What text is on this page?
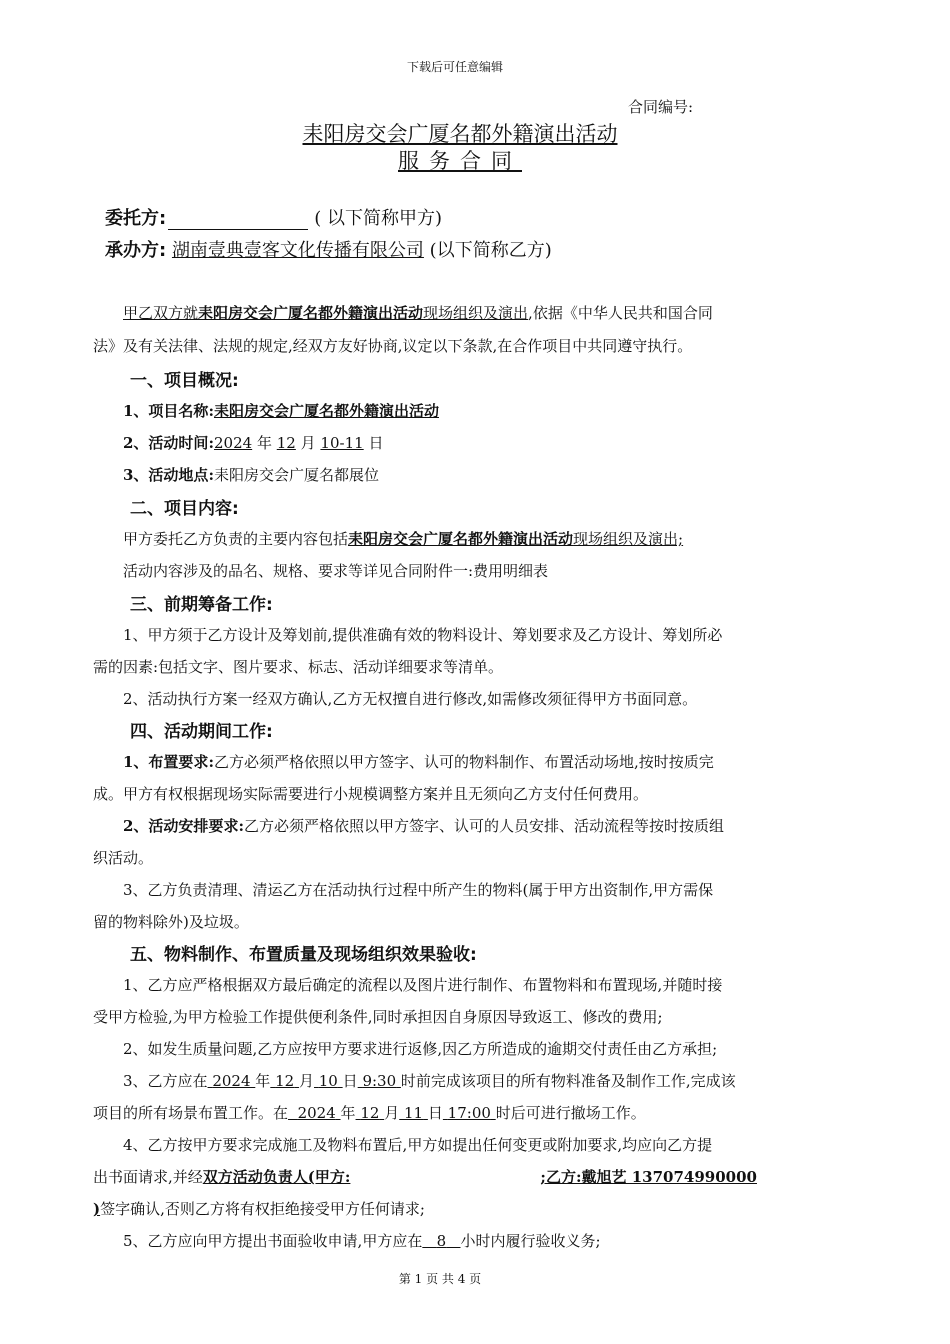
下载后可任意编辑
合同编号:
耒阳房交会广厦名都外籍演出活动
服务合同
委托方:	( 以下简称甲方)
承办方: 湖南壹典壹客文化传播有限公司 (以下简称乙方)
甲乙双方就耒阳房交会广厦名都外籍演出活动现场组织及演出,依据《中华人民共和国合同
法》及有关法律、法规的规定,经双方友好协商,议定以下条款,在合作项目中共同遵守执行。
一、项目概况:
1、项目名称:耒阳房交会广厦名都外籍演出活动
2、活动时间:2024 年 12 月 10-11 日
3、活动地点:耒阳房交会广厦名都展位
二、项目内容:
甲方委托乙方负责的主要内容包括耒阳房交会广厦名都外籍演出活动现场组织及演出;
活动内容涉及的品名、规格、要求等详见合同附件一:费用明细表
三、前期筹备工作:
1、甲方须于乙方设计及筹划前,提供准确有效的物料设计、筹划要求及乙方设计、筹划所必
需的因素:包括文字、图片要求、标志、活动详细要求等清单。
2、活动执行方案一经双方确认,乙方无权擅自进行修改,如需修改须征得甲方书面同意。
四、活动期间工作:
1、布置要求:乙方必须严格依照以甲方签字、认可的物料制作、布置活动场地,按时按质完
成。甲方有权根据现场实际需要进行小规模调整方案并且无须向乙方支付任何费用。
2、活动安排要求:乙方必须严格依照以甲方签字、认可的人员安排、活动流程等按时按质组
织活动。
3、乙方负责清理、清运乙方在活动执行过程中所产生的物料(属于甲方出资制作,甲方需保
留的物料除外)及垃圾。
五、物料制作、布置质量及现场组织效果验收:
1、乙方应严格根据双方最后确定的流程以及图片进行制作、布置物料和布置现场,并随时接
受甲方检验,为甲方检验工作提供便利条件,同时承担因自身原因导致返工、修改的费用;
2、如发生质量问题,乙方应按甲方要求进行返修,因乙方所造成的逾期交付责任由乙方承担;
3、乙方应在 2024 年 12 月 10 日 9:30 时前完成该项目的所有物料准备及制作工作,完成该
项目的所有场景布置工作。在 2024 年 12 月 11 日 17:00 时后可进行撤场工作。
4、乙方按甲方要求完成施工及物料布置后,甲方如提出任何变更或附加要求,均应向乙方提
出书面请求,并经双方活动负责人(甲方:	;乙方:戴旭艺 137074990000
)签字确认,否则乙方将有权拒绝接受甲方任何请求;
5、乙方应向甲方提出书面验收申请,甲方应在 8 小时内履行验收义务;
第 1 页 共 4 页
